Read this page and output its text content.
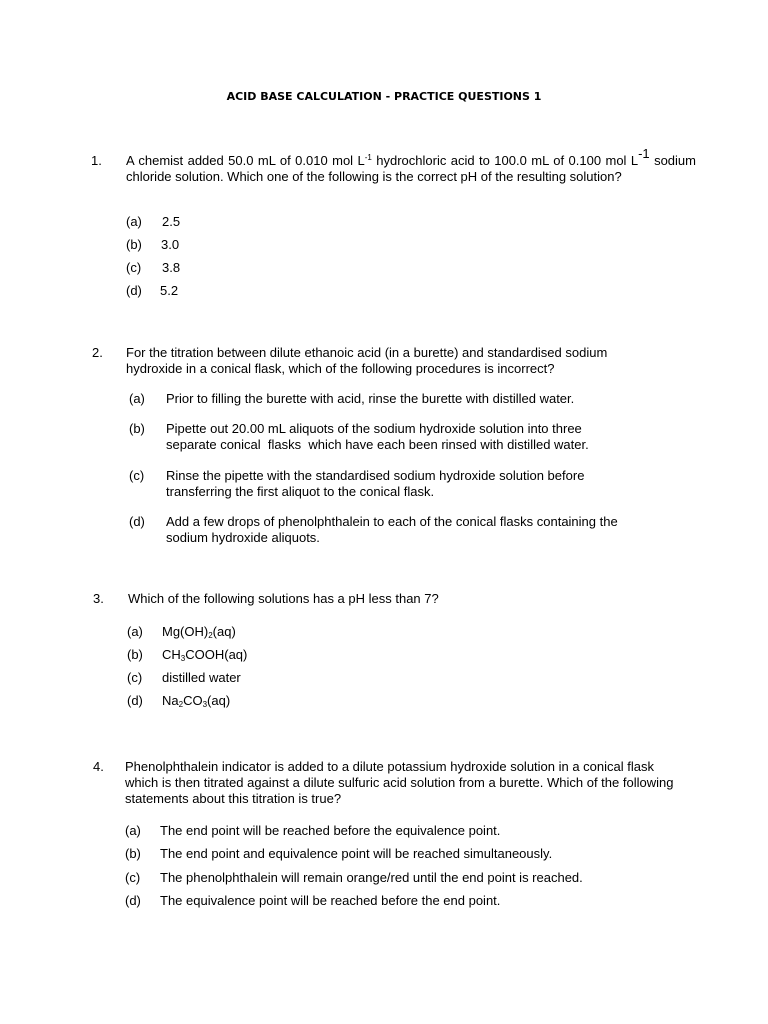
ACID BASE CALCULATION - PRACTICE QUESTIONS 1
1. A chemist added 50.0 mL of 0.010 mol $L^{-1}$ hydrochloric acid to 100.0 mL of 0.100 mol $L^{-1}$ sodium chloride solution. Which one of the following is the correct pH of the resulting solution?
(a) 2.5
(b) 3.0
(c) 3.8
(d) 5.2
2. For the titration between dilute ethanoic acid (in a burette) and standardised sodium hydroxide in a conical flask, which of the following procedures is incorrect?
(a) Prior to filling the burette with acid, rinse the burette with distilled water.
(b) Pipette out 20.00 mL aliquots of the sodium hydroxide solution into three
separate conical  flasks  which have each been rinsed with distilled water.
(c) Rinse the pipette with the standardised sodium hydroxide solution before
transferring the first aliquot to the conical flask.
(d) Add a few drops of phenolphthalein to each of the conical flasks containing the
sodium hydroxide aliquots.
3. Which of the following solutions has a pH less than 7?
(a) $Mg(OH)_2(aq)$
(b) $CH_3COOH(aq)$
(c) distilled water
(d) $Na_2CO_3(aq)$
4. Phenolphthalein indicator is added to a dilute potassium hydroxide solution in a conical flask which is then titrated against a dilute sulfuric acid solution from a burette. Which of the following statements about this titration is true?
(a) The end point will be reached before the equivalence point.
(b) The end point and equivalence point will be reached simultaneously.
(c) The phenolphthalein will remain orange/red until the end point is reached.
(d) The equivalence point will be reached before the end point.
